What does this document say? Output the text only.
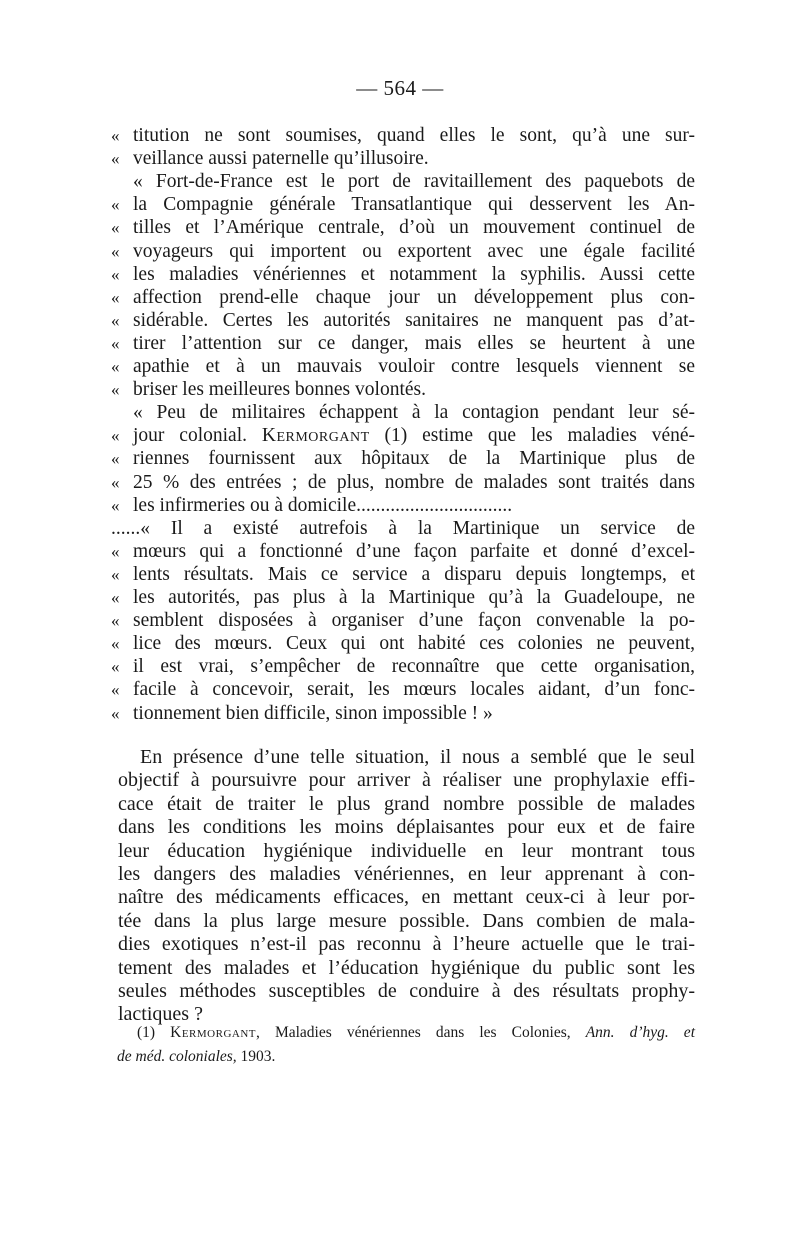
— 564 —
« titution ne sont soumises, quand elles le sont, qu’à une sur-
« veillance aussi paternelle qu’illusoire.
« Fort-de-France est le port de ravitaillement des paquebots de
« la Compagnie générale Transatlantique qui desservent les An-
« tilles et l’Amérique centrale, d’où un mouvement continuel de
« voyageurs qui importent ou exportent avec une égale facilité
« les maladies vénériennes et notamment la syphilis. Aussi cette
« affection prend-elle chaque jour un développement plus con-
« sidérable. Certes les autorités sanitaires ne manquent pas d’at-
« tirer l’attention sur ce danger, mais elles se heurtent à une
« apathie et à un mauvais vouloir contre lesquels viennent se
« briser les meilleures bonnes volontés.
« Peu de militaires échappent à la contagion pendant leur sé-
« jour colonial. Kermorgant (1) estime que les maladies véné-
« riennes fournissent aux hôpitaux de la Martinique plus de
« 25 % des entrées ; de plus, nombre de malades sont traités dans
« les infirmeries ou à domicile................................
......« Il a existé autrefois à la Martinique un service de
« mœurs qui a fonctionné d’une façon parfaite et donné d’excel-
« lents résultats. Mais ce service a disparu depuis longtemps, et
« les autorités, pas plus à la Martinique qu’à la Guadeloupe, ne
« semblent disposées à organiser d’une façon convenable la po-
« lice des mœurs. Ceux qui ont habité ces colonies ne peuvent,
« il est vrai, s’empêcher de reconnaître que cette organisation,
« facile à concevoir, serait, les mœurs locales aidant, d’un fonc-
« tionnement bien difficile, sinon impossible ! »
En présence d’une telle situation, il nous a semblé que le seul
objectif à poursuivre pour arriver à réaliser une prophylaxie effi-
cace était de traiter le plus grand nombre possible de malades
dans les conditions les moins déplaisantes pour eux et de faire
leur éducation hygiénique individuelle en leur montrant tous
les dangers des maladies vénériennes, en leur apprenant à con-
naître des médicaments efficaces, en mettant ceux-ci à leur por-
tée dans la plus large mesure possible. Dans combien de mala-
dies exotiques n’est-il pas reconnu à l’heure actuelle que le trai-
tement des malades et l’éducation hygiénique du public sont les
seules méthodes susceptibles de conduire à des résultats prophy-
lactiques ?
(1) Kermorgant, Maladies vénériennes dans les Colonies, Ann. d’hyg. et
de méd. coloniales, 1903.
